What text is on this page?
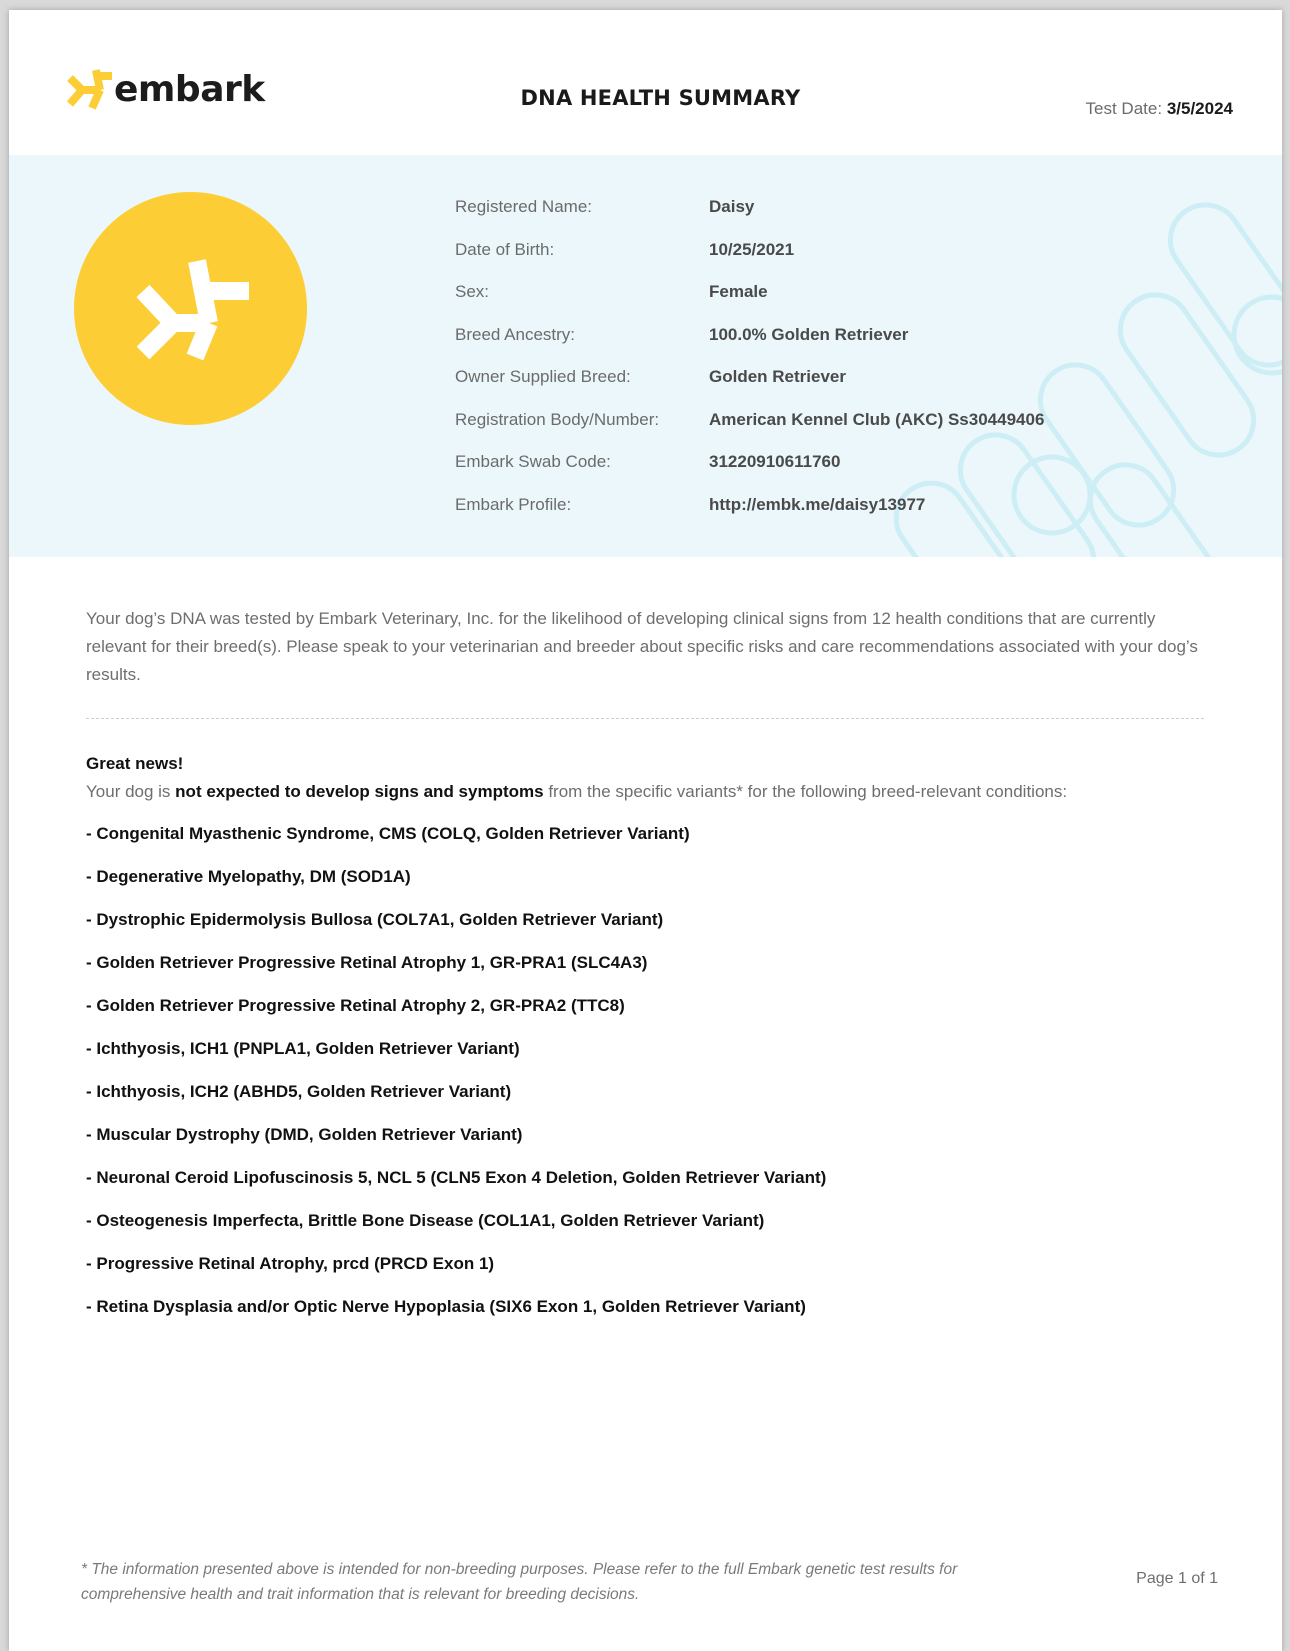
embark	DNA HEALTH SUMMARY	Test Date: 3/5/2024
Registered Name:	Daisy
Date of Birth:	10/25/2021
Sex:	Female
Breed Ancestry:	100.0% Golden Retriever
Owner Supplied Breed:	Golden Retriever
Registration Body/Number:	American Kennel Club (AKC) Ss30449406
Embark Swab Code:	31220910611760
Embark Profile:	http://embk.me/daisy13977

Your dog’s DNA was tested by Embark Veterinary, Inc. for the likelihood of developing clinical signs from 12 health conditions that are currently relevant for their breed(s). Please speak to your veterinarian and breeder about specific risks and care recommendations associated with your dog’s results.

Great news!
Your dog is not expected to develop signs and symptoms from the specific variants* for the following breed-relevant conditions:
- Congenital Myasthenic Syndrome, CMS (COLQ, Golden Retriever Variant)
- Degenerative Myelopathy, DM (SOD1A)
- Dystrophic Epidermolysis Bullosa (COL7A1, Golden Retriever Variant)
- Golden Retriever Progressive Retinal Atrophy 1, GR-PRA1 (SLC4A3)
- Golden Retriever Progressive Retinal Atrophy 2, GR-PRA2 (TTC8)
- Ichthyosis, ICH1 (PNPLA1, Golden Retriever Variant)
- Ichthyosis, ICH2 (ABHD5, Golden Retriever Variant)
- Muscular Dystrophy (DMD, Golden Retriever Variant)
- Neuronal Ceroid Lipofuscinosis 5, NCL 5 (CLN5 Exon 4 Deletion, Golden Retriever Variant)
- Osteogenesis Imperfecta, Brittle Bone Disease (COL1A1, Golden Retriever Variant)
- Progressive Retinal Atrophy, prcd (PRCD Exon 1)
- Retina Dysplasia and/or Optic Nerve Hypoplasia (SIX6 Exon 1, Golden Retriever Variant)

* The information presented above is intended for non-breeding purposes. Please refer to the full Embark genetic test results for comprehensive health and trait information that is relevant for breeding decisions.

Page 1 of 1
